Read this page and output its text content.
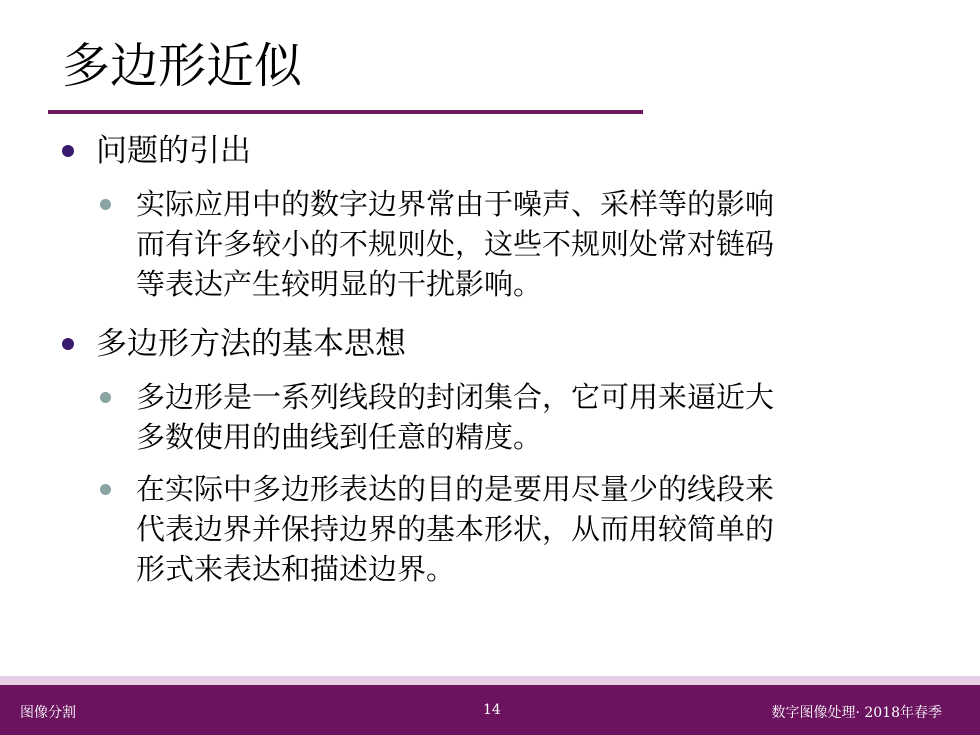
多边形近似
问题的引出
实际应用中的数字边界常由于噪声、采样等的影响
而有许多较小的不规则处，这些不规则处常对链码
等表达产生较明显的干扰影响。
多边形方法的基本思想
多边形是一系列线段的封闭集合，它可用来逼近大
多数使用的曲线到任意的精度。
在实际中多边形表达的目的是要用尽量少的线段来
代表边界并保持边界的基本形状，从而用较简单的
形式来表达和描述边界。
图像分割	14	数字图像处理· 2018年春季
